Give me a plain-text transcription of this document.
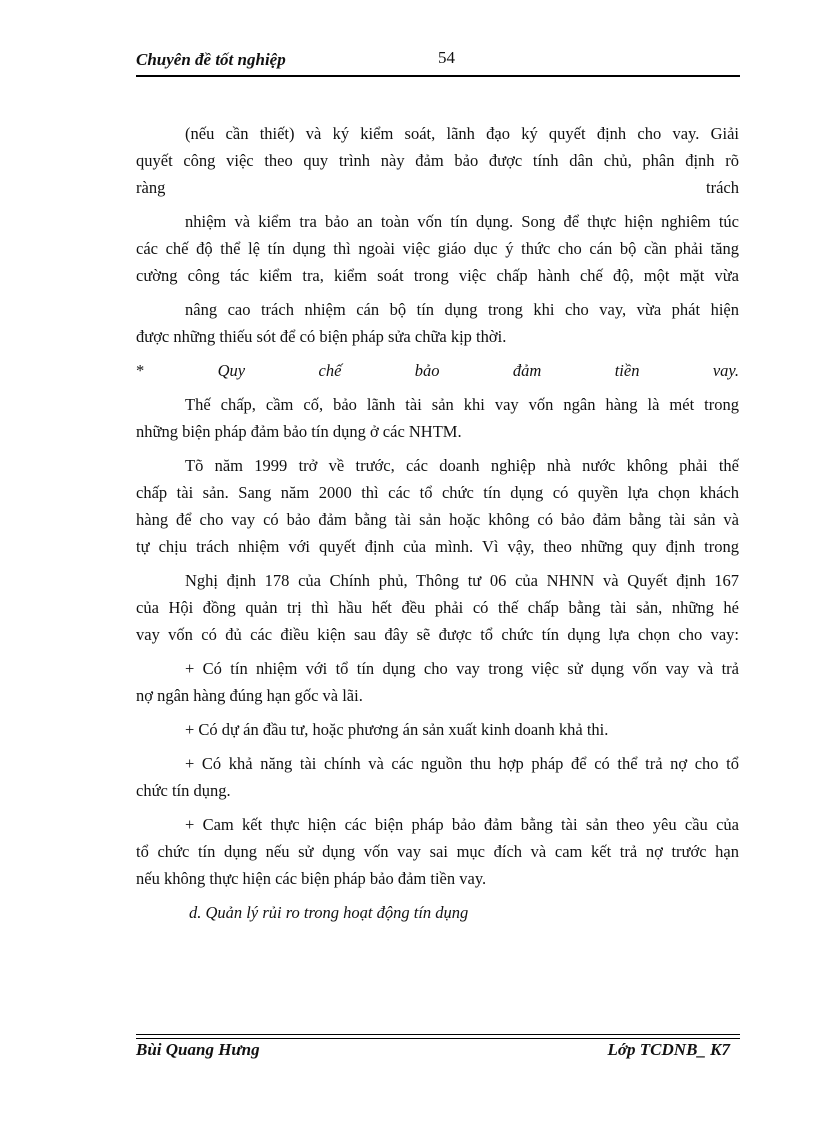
Chuyên đề tốt nghiệp	54
(nếu cần thiết) và ký kiểm soát, lãnh đạo ký quyết định cho vay. Giải
quyết công việc theo quy trình này đảm bảo được tính dân chủ, phân định rõ
ràng	trách
nhiệm và kiểm tra bảo an toàn vốn tín dụng. Song để thực hiện nghiêm túc
các chế độ thể lệ tín dụng thì ngoài việc giáo dục ý thức cho cán bộ cần phải tăng
cường công tác kiểm tra, kiểm soát trong việc chấp hành chế độ, một mặt vừa
nâng cao trách nhiệm cán bộ tín dụng trong khi cho vay, vừa phát hiện
được những thiếu sót để có biện pháp sửa chữa kịp thời.
*	Quy	chế	bảo	đảm	tiền	vay.
Thế chấp, cầm cố, bảo lãnh tài sản khi vay vốn ngân hàng là mét trong
những biện pháp đảm bảo tín dụng ở các NHTM.
Tõ năm 1999 trở về trước, các doanh nghiệp nhà nước không phải thế
chấp tài sản. Sang năm 2000 thì các tổ chức tín dụng có quyền lựa chọn khách
hàng để cho vay có bảo đảm bằng tài sản hoặc không có bảo đảm bằng tài sản và
tự chịu trách nhiệm với quyết định của mình. Vì vậy, theo những quy định trong
Nghị định 178 của Chính phủ, Thông tư 06 của NHNN và Quyết định 167
của Hội đồng quản trị thì hầu hết đều phải có thế chấp bằng tài sản, những hé
vay vốn có đủ các điều kiện sau đây sẽ được tổ chức tín dụng lựa chọn cho vay:
+ Có tín nhiệm với tổ tín dụng cho vay trong việc sử dụng vốn vay và trả
nợ ngân hàng đúng hạn gốc và lãi.
+ Có dự án đầu tư, hoặc phương án sản xuất kinh doanh khả thi.
+ Có khả năng tài chính và các nguồn thu hợp pháp để có thể trả nợ cho tổ
chức tín dụng.
+ Cam kết thực hiện các biện pháp bảo đảm bằng tài sản theo yêu cầu của
tổ chức tín dụng nếu sử dụng vốn vay sai mục đích và cam kết trả nợ trước hạn
nếu không thực hiện các biện pháp bảo đảm tiền vay.

d. Quản lý rủi ro trong hoạt động tín dụng

Bùi Quang Hưng	Lớp TCDNB_ K7
